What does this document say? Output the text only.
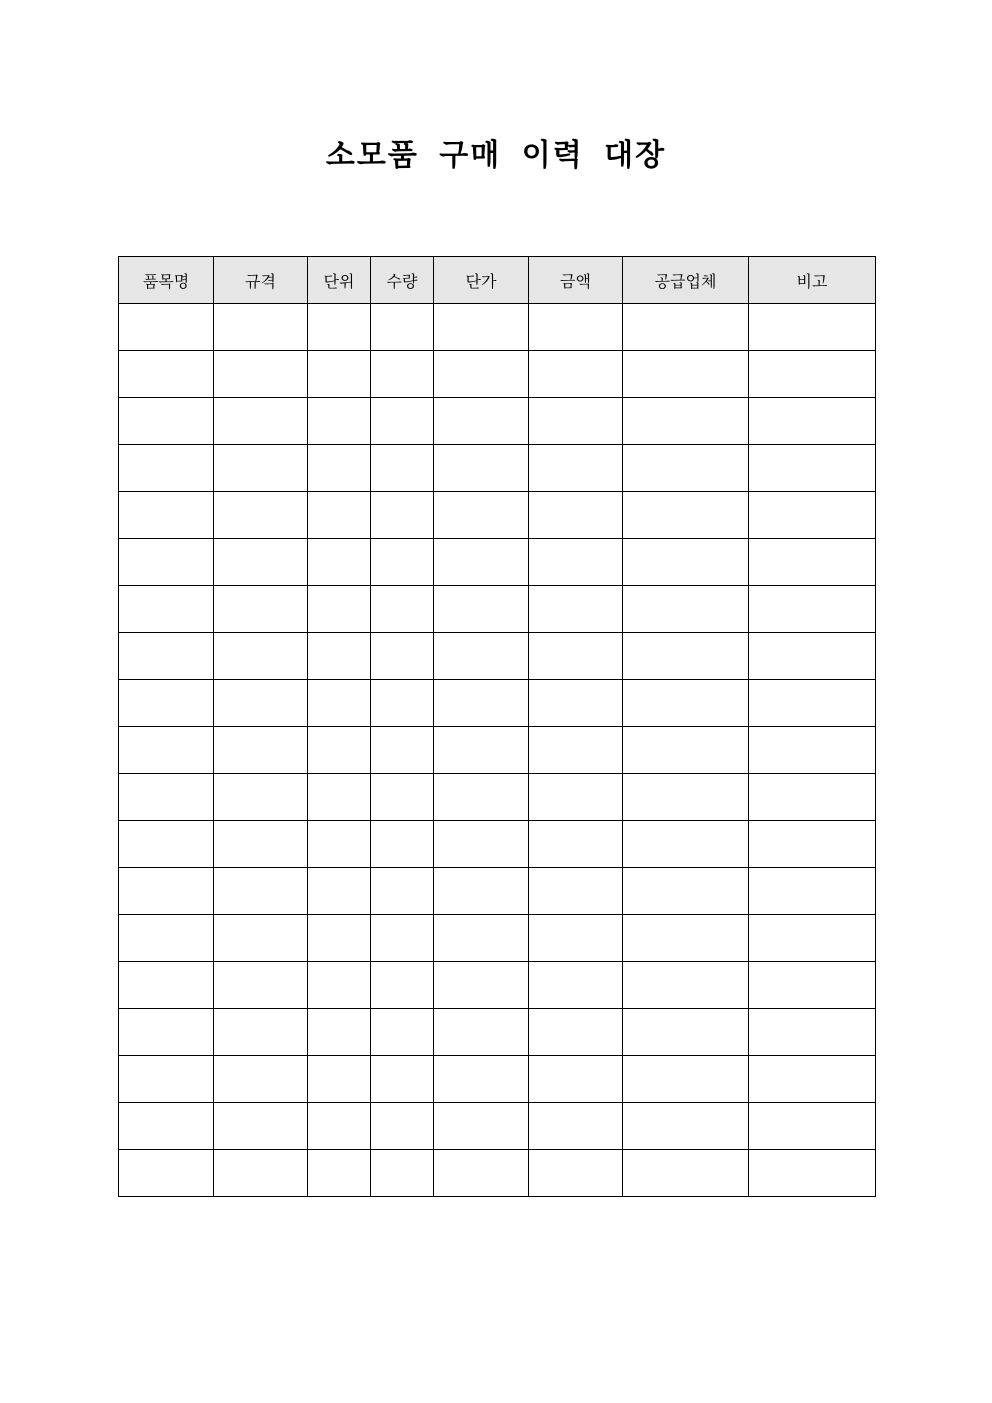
소모품 구매 이력 대장
품목명	규격	단위	수량	단가	금액	공급업체	비고
